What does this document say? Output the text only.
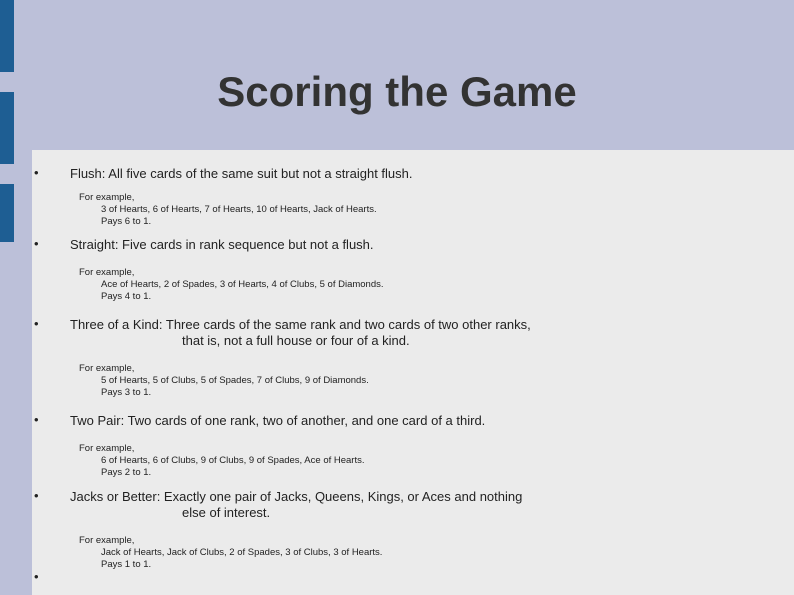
Scoring the Game
• Flush: All five cards of the same suit but not a straight flush.
For example,
3 of Hearts, 6 of Hearts, 7 of Hearts, 10 of Hearts, Jack of Hearts.
Pays 6 to 1.
• Straight: Five cards in rank sequence but not a flush.
For example,
Ace of Hearts, 2 of Spades, 3 of Hearts, 4 of Clubs, 5 of Diamonds.
Pays 4 to 1.
• Three of a Kind: Three cards of the same rank and two cards of two other ranks,
that is, not a full house or four of a kind.
For example,
5 of Hearts, 5 of Clubs, 5 of Spades, 7 of Clubs, 9 of Diamonds.
Pays 3 to 1.
• Two Pair: Two cards of one rank, two of another, and one card of a third.
For example,
6 of Hearts, 6 of Clubs, 9 of Clubs, 9 of Spades, Ace of Hearts.
Pays 2 to 1.
• Jacks or Better: Exactly one pair of Jacks, Queens, Kings, or Aces and nothing
else of interest.
For example,
Jack of Hearts, Jack of Clubs, 2 of Spades, 3 of Clubs, 3 of Hearts.
Pays 1 to 1.
•
